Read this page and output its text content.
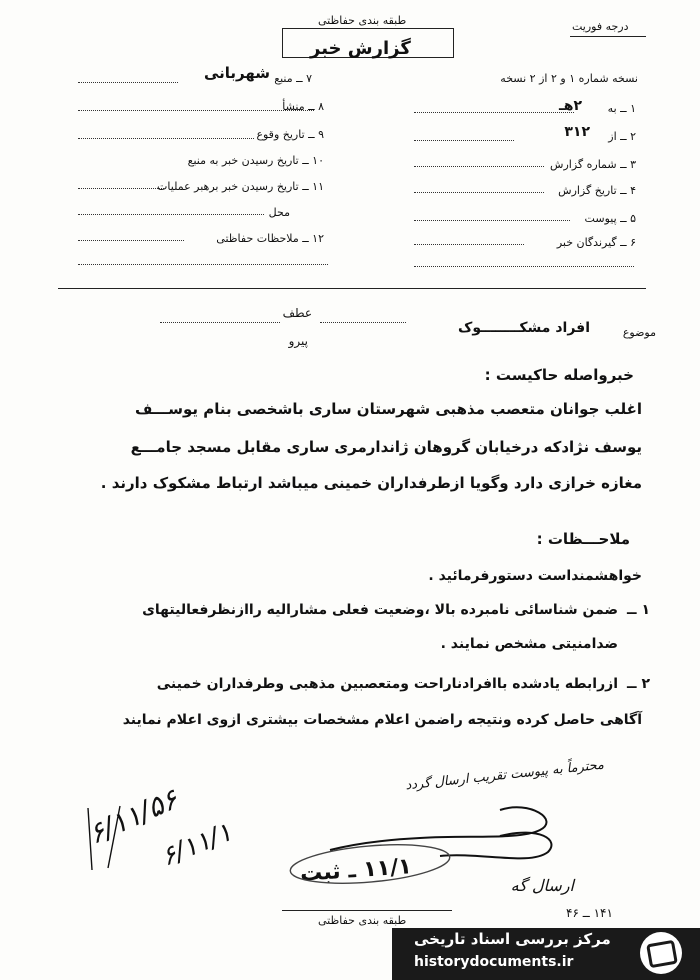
درجه فوریت
طبقه بندی حفاظتی
گزارش خبر
نسخه شماره ۱ و ۲ از ۲ نسخه
۷ ــ منبع
شهربانی
۸ ــ منشأ
۹ ــ تاریخ وقوع
۱۰ ــ تاریخ رسیدن خبر به منبع
۱۱ ــ تاریخ رسیدن خبر برهبر عملیات
محل
۱۲ ــ ملاحظات حفاظتی
۱ ــ به
۲هـ
۲ ــ از
۳۱۲
۳ ــ شماره گزارش
۴ ــ تاریخ گزارش
۵ ــ پیوست
۶ ــ گیرندگان خبر
موضوع
افراد مشکــــــــوک
عطف
پیرو
خبرواصله حاکیست :
اغلب جوانان متعصب مذهبی شهرستان ساری باشخصی بنام یوســـف
یوسف نژادکه درخیابان گروهان ژاندارمری ساری مقابل مسجد جامـــع
مغازه خرازی دارد وگویا ازطرفداران خمینی میباشد ارتباط مشکوک دارند .
ملاحـــظات :
خواهشمنداست دستورفرمائید .
۱ ــ
ضمن شناسائی نامبرده بالا ،وضعیت فعلی مشارالیه راازنظرفعالیتهای
ضدامنیتی مشخص نمایند .
۲ ــ
ازرابطه یادشده باافرادناراحت ومتعصبین مذهبی وطرفداران خمینی
آگاهی حاصل کرده ونتیجه راضمن اعلام مشخصات بیشتری ازوی اعلام نمایند
محترماً به پیوست تقریب ارسال گردد
۶/۱۱/۵۶
۶/۱۱/۱
ارسال گه
۱۱/۱ ـ ثبت
۱۴۱ ــ ۴۶
طبقه بندی حفاظتی
مرکز بررسی اسناد تاریخی
historydocuments.ir
